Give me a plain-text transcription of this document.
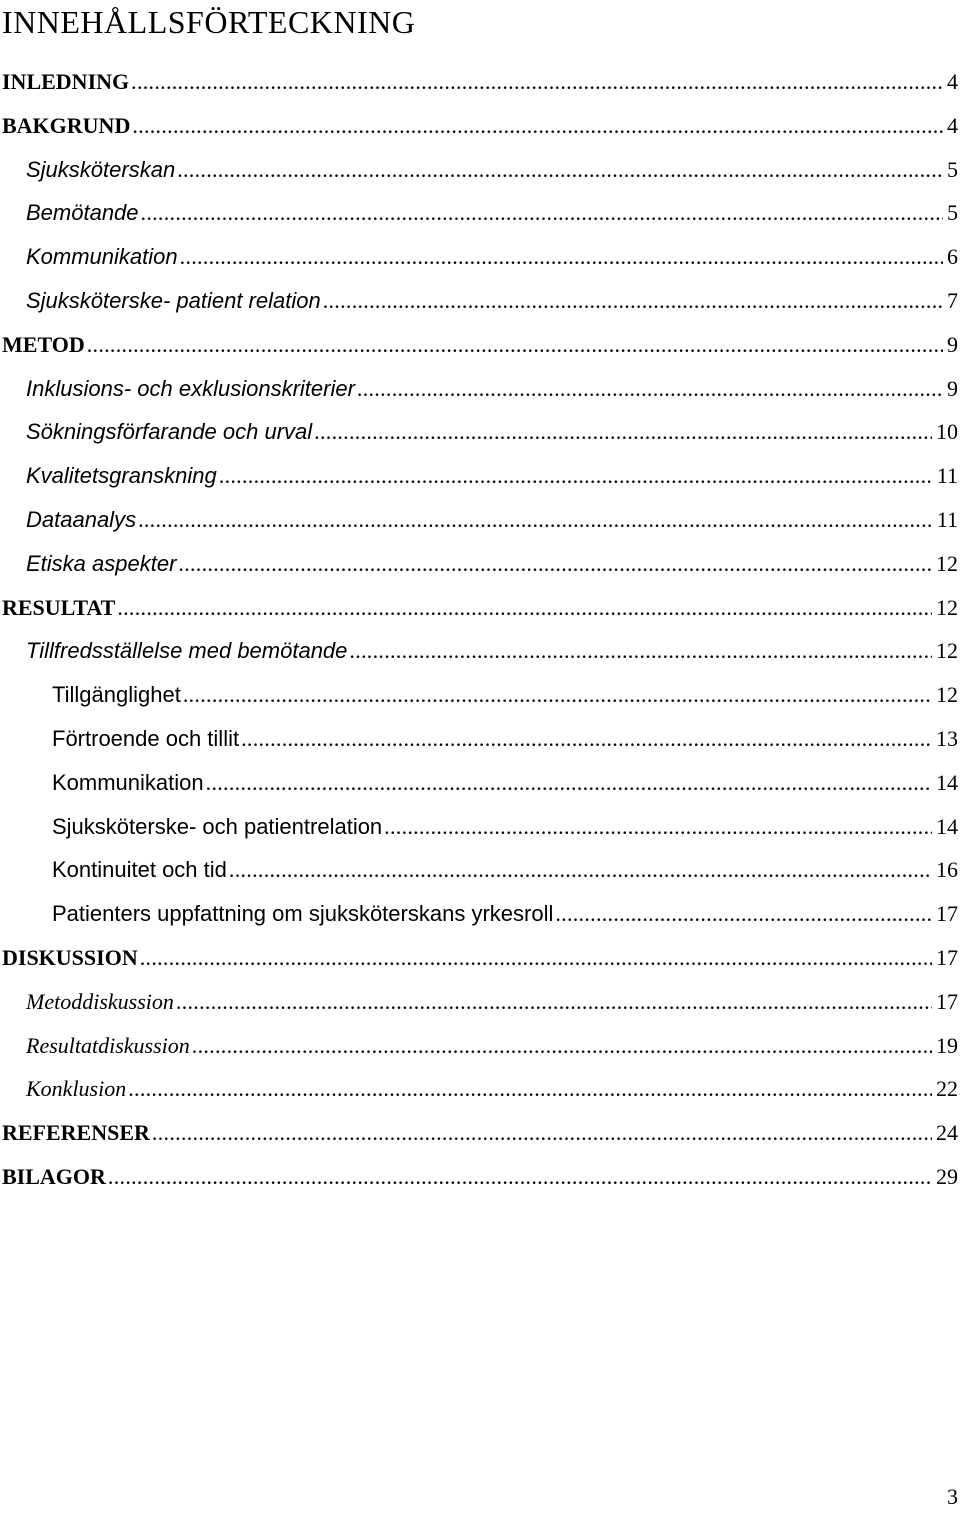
INNEHÅLLSFÖRTECKNING
INLEDNING . . .	4
BAKGRUND . . .	4
Sjuksköterskan . . .	5
Bemötande . . .	5
Kommunikation . . .	6
Sjuksköterske- patient relation . . .	7
METOD . . .	9
Inklusions- och exklusionskriterier . . .	9
Sökningsförfarande och urval . . .	10
Kvalitetsgranskning . . .	11
Dataanalys . . .	11
Etiska aspekter . . .	12
RESULTAT . . .	12
Tillfredsställelse med bemötande . . .	12
Tillgänglighet . . .	12
Förtroende och tillit . . .	13
Kommunikation . . .	14
Sjuksköterske- och patientrelation . . .	14
Kontinuitet och tid . . .	16
Patienters uppfattning om sjuksköterskans yrkesroll . . .	17
DISKUSSION . . .	17
Metoddiskussion . . .	17
Resultatdiskussion . . .	19
Konklusion . . .	22
REFERENSER . . .	24
BILAGOR . . .	29
3
